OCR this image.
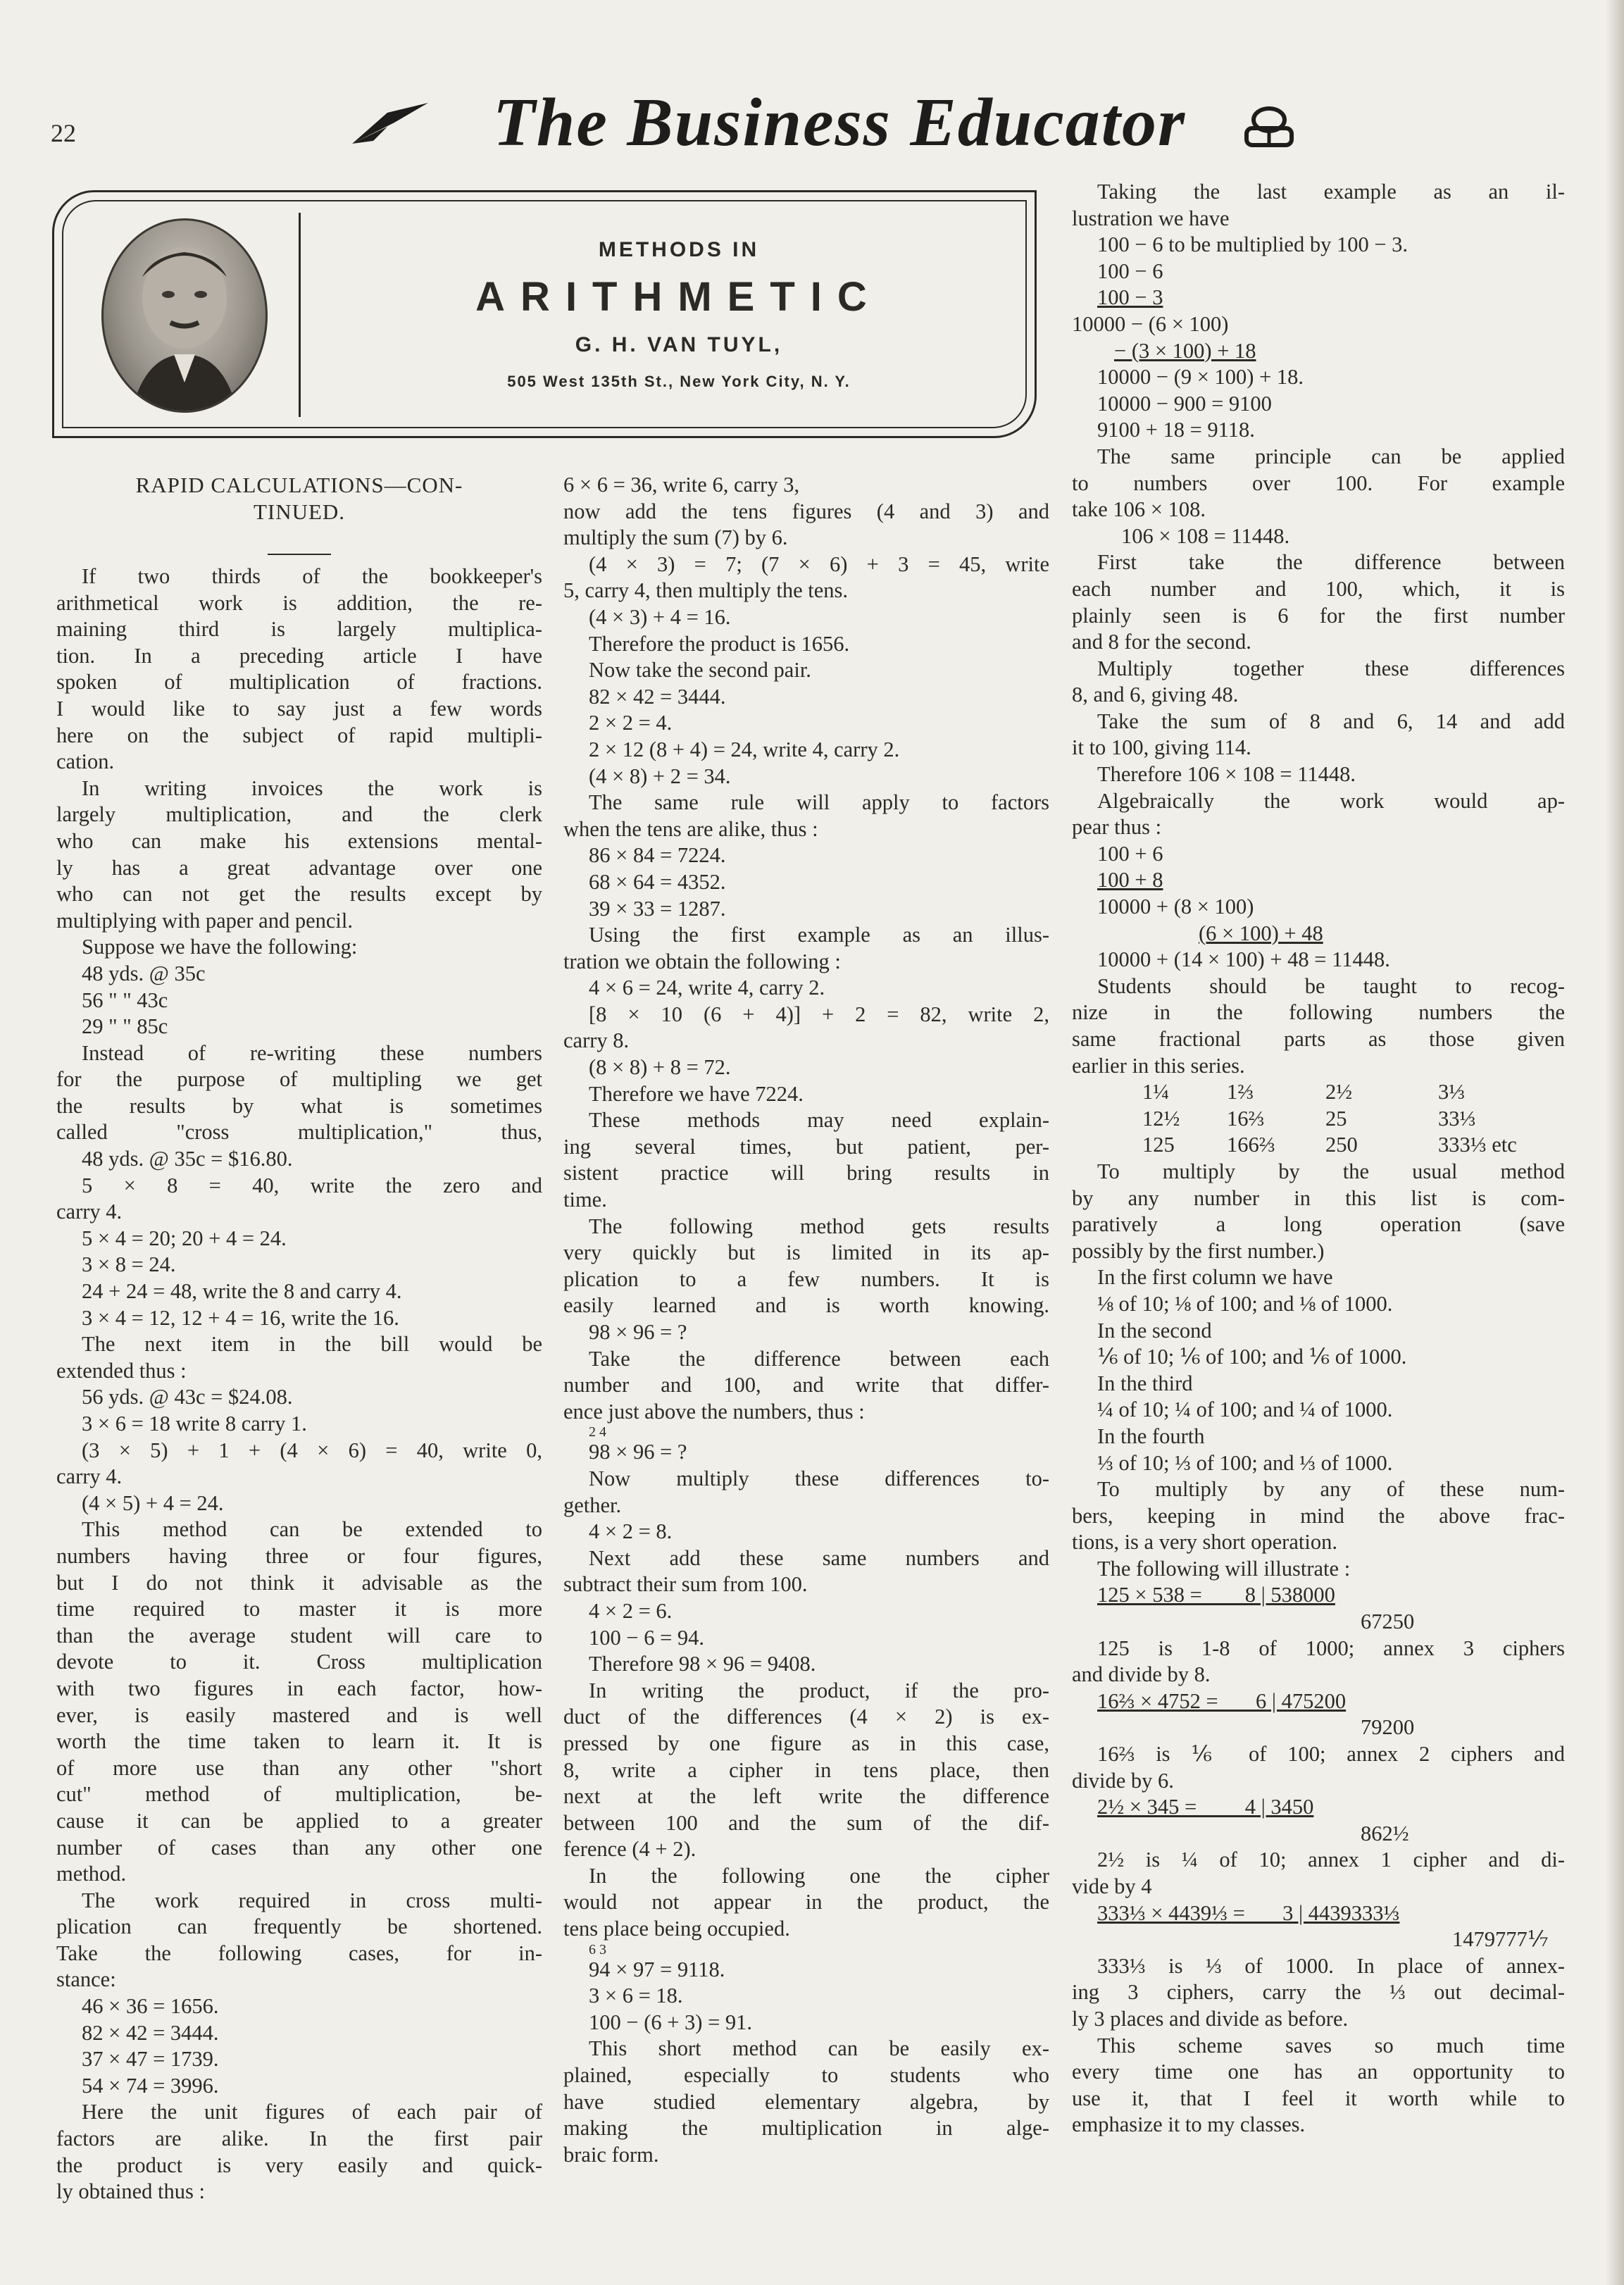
22	The Business Educator
METHODS IN
ARITHMETIC
G. H. VAN TUYL,
505 West 135th St., New York City, N. Y.

RAPID CALCULATIONS—CON-

TINUED.

If two thirds of the bookkeeper's

arithmetical work is addition, the re-

maining third is largely multiplica-

tion. In a preceding article I have

spoken of multiplication of fractions.

I would like to say just a few words

here on the subject of rapid multipli-

cation.

In writing invoices the work is

largely multiplication, and the clerk

who can make his extensions mental-

ly has a great advantage over one

who can not get the results except by

multiplying with paper and pencil.

Suppose we have the following:

48 yds. @ 35c

56 " " 43c

29 " " 85c

Instead of re-writing these numbers

for the purpose of multipling we get

the results by what is sometimes

called "cross multiplication," thus,

48 yds. @ 35c = $16.80.

5 × 8 = 40, write the zero and

carry 4.

5 × 4 = 20; 20 + 4 = 24.

3 × 8 = 24.

24 + 24 = 48, write the 8 and carry 4.

3 × 4 = 12, 12 + 4 = 16, write the 16.

The next item in the bill would be

extended thus :

56 yds. @ 43c = $24.08.

3 × 6 = 18 write 8 carry 1.

(3 × 5) + 1 + (4 × 6) = 40, write 0,

carry 4.

(4 × 5) + 4 = 24.

This method can be extended to

numbers having three or four figures,

but I do not think it advisable as the

time required to master it is more

than the average student will care to

devote to it. Cross multiplication

with two figures in each factor, how-

ever, is easily mastered and is well

worth the time taken to learn it. It is

of more use than any other "short

cut" method of multiplication, be-

cause it can be applied to a greater

number of cases than any other one

method.

The work required in cross multi-

plication can frequently be shortened.

Take the following cases, for in-

stance:

46 × 36 = 1656.

82 × 42 = 3444.

37 × 47 = 1739.

54 × 74 = 3996.

Here the unit figures of each pair of

factors are alike. In the first pair

the product is very easily and quick-

ly obtained thus :

6 × 6 = 36, write 6, carry 3,

now add the tens figures (4 and 3) and

multiply the sum (7) by 6.

(4 × 3) = 7; (7 × 6) + 3 = 45, write

5, carry 4, then multiply the tens.

(4 × 3) + 4 = 16.

Therefore the product is 1656.

Now take the second pair.

82 × 42 = 3444.

2 × 2 = 4.

2 × 12 (8 + 4) = 24, write 4, carry 2.

(4 × 8) + 2 = 34.

The same rule will apply to factors

when the tens are alike, thus :

86 × 84 = 7224.

68 × 64 = 4352.

39 × 33 = 1287.

Using the first example as an illus-

tration we obtain the following :

4 × 6 = 24, write 4, carry 2.

[8 × 10 (6 + 4)] + 2 = 82, write 2,

carry 8.

(8 × 8) + 8 = 72.

Therefore we have 7224.

These methods may need explain-

ing several times, but patient, per-

sistent practice will bring results in

time.

The following method gets results

very quickly but is limited in its ap-

plication to a few numbers. It is

easily learned and is worth knowing.

98 × 96 = ?

Take the difference between each

number and 100, and write that differ-

ence just above the numbers, thus :

2 4

98 × 96 = ?

Now multiply these differences to-

gether.

4 × 2 = 8.

Next add these same numbers and

subtract their sum from 100.

4 × 2 = 6.

100 − 6 = 94.

Therefore 98 × 96 = 9408.

In writing the product, if the pro-

duct of the differences (4 × 2) is ex-

pressed by one figure as in this case,

8, write a cipher in tens place, then

next at the left write the difference

between 100 and the sum of the dif-

ference (4 + 2).

In the following one the cipher

would not appear in the product, the

tens place being occupied.

6 3

94 × 97 = 9118.

3 × 6 = 18.

100 − (6 + 3) = 91.

This short method can be easily ex-

plained, especially to students who

have studied elementary algebra, by

making the multiplication in alge-

braic form.

Taking the last example as an il-

lustration we have

100 − 6 to be multiplied by 100 − 3.

100 − 6

100 − 3

10000 − (6 × 100)

− (3 × 100) + 18

10000 − (9 × 100) + 18.

10000 − 900 = 9100

9100 + 18 = 9118.

The same principle can be applied

to numbers over 100. For example

take 106 × 108.

106 × 108 = 11448.

First take the difference between

each number and 100, which, it is

plainly seen is 6 for the first number

and 8 for the second.

Multiply together these differences

8, and 6, giving 48.

Take the sum of 8 and 6, 14 and add

it to 100, giving 114.

Therefore 106 × 108 = 11448.

Algebraically the work would ap-

pear thus :

100 + 6

100 + 8

10000 + (8 × 100)

(6 × 100) + 48

10000 + (14 × 100) + 48 = 11448.

Students should be taught to recog-

nize in the following numbers the

same fractional parts as those given

earlier in this series.

1¼	1⅔	2½	3⅓
12½	16⅔	25	33⅓
125	166⅔	250	333⅓ etc

To multiply by the usual method

by any number in this list is com-

paratively a long operation (save

possibly by the first number.)

In the first column we have

⅛ of 10; ⅛ of 100; and ⅛ of 1000.

In the second

⅙ of 10; ⅙ of 100; and ⅙ of 1000.

In the third

¼ of 10; ¼ of 100; and ¼ of 1000.

In the fourth

⅓ of 10; ⅓ of 100; and ⅓ of 1000.

To multiply by any of these num-

bers, keeping in mind the above frac-

tions, is a very short operation.

The following will illustrate :

125 × 538 =        8 | 538000

67250

125 is 1-8 of 1000; annex 3 ciphers

and divide by 8.

16⅔ × 4752 =       6 | 475200

79200

16⅔ is ⅙ of 100; annex 2 ciphers and

divide by 6.

2½ × 345 =         4 | 3450

862½

2½ is ¼ of 10; annex 1 cipher and di-

vide by 4

333⅓ × 4439⅓ =       3 | 4439333⅓

1479777⅐

333⅓ is ⅓ of 1000. In place of annex-

ing 3 ciphers, carry the ⅓ out decimal-

ly 3 places and divide as before.

This scheme saves so much time

every time one has an opportunity to

use it, that I feel it worth while to

emphasize it to my classes.
